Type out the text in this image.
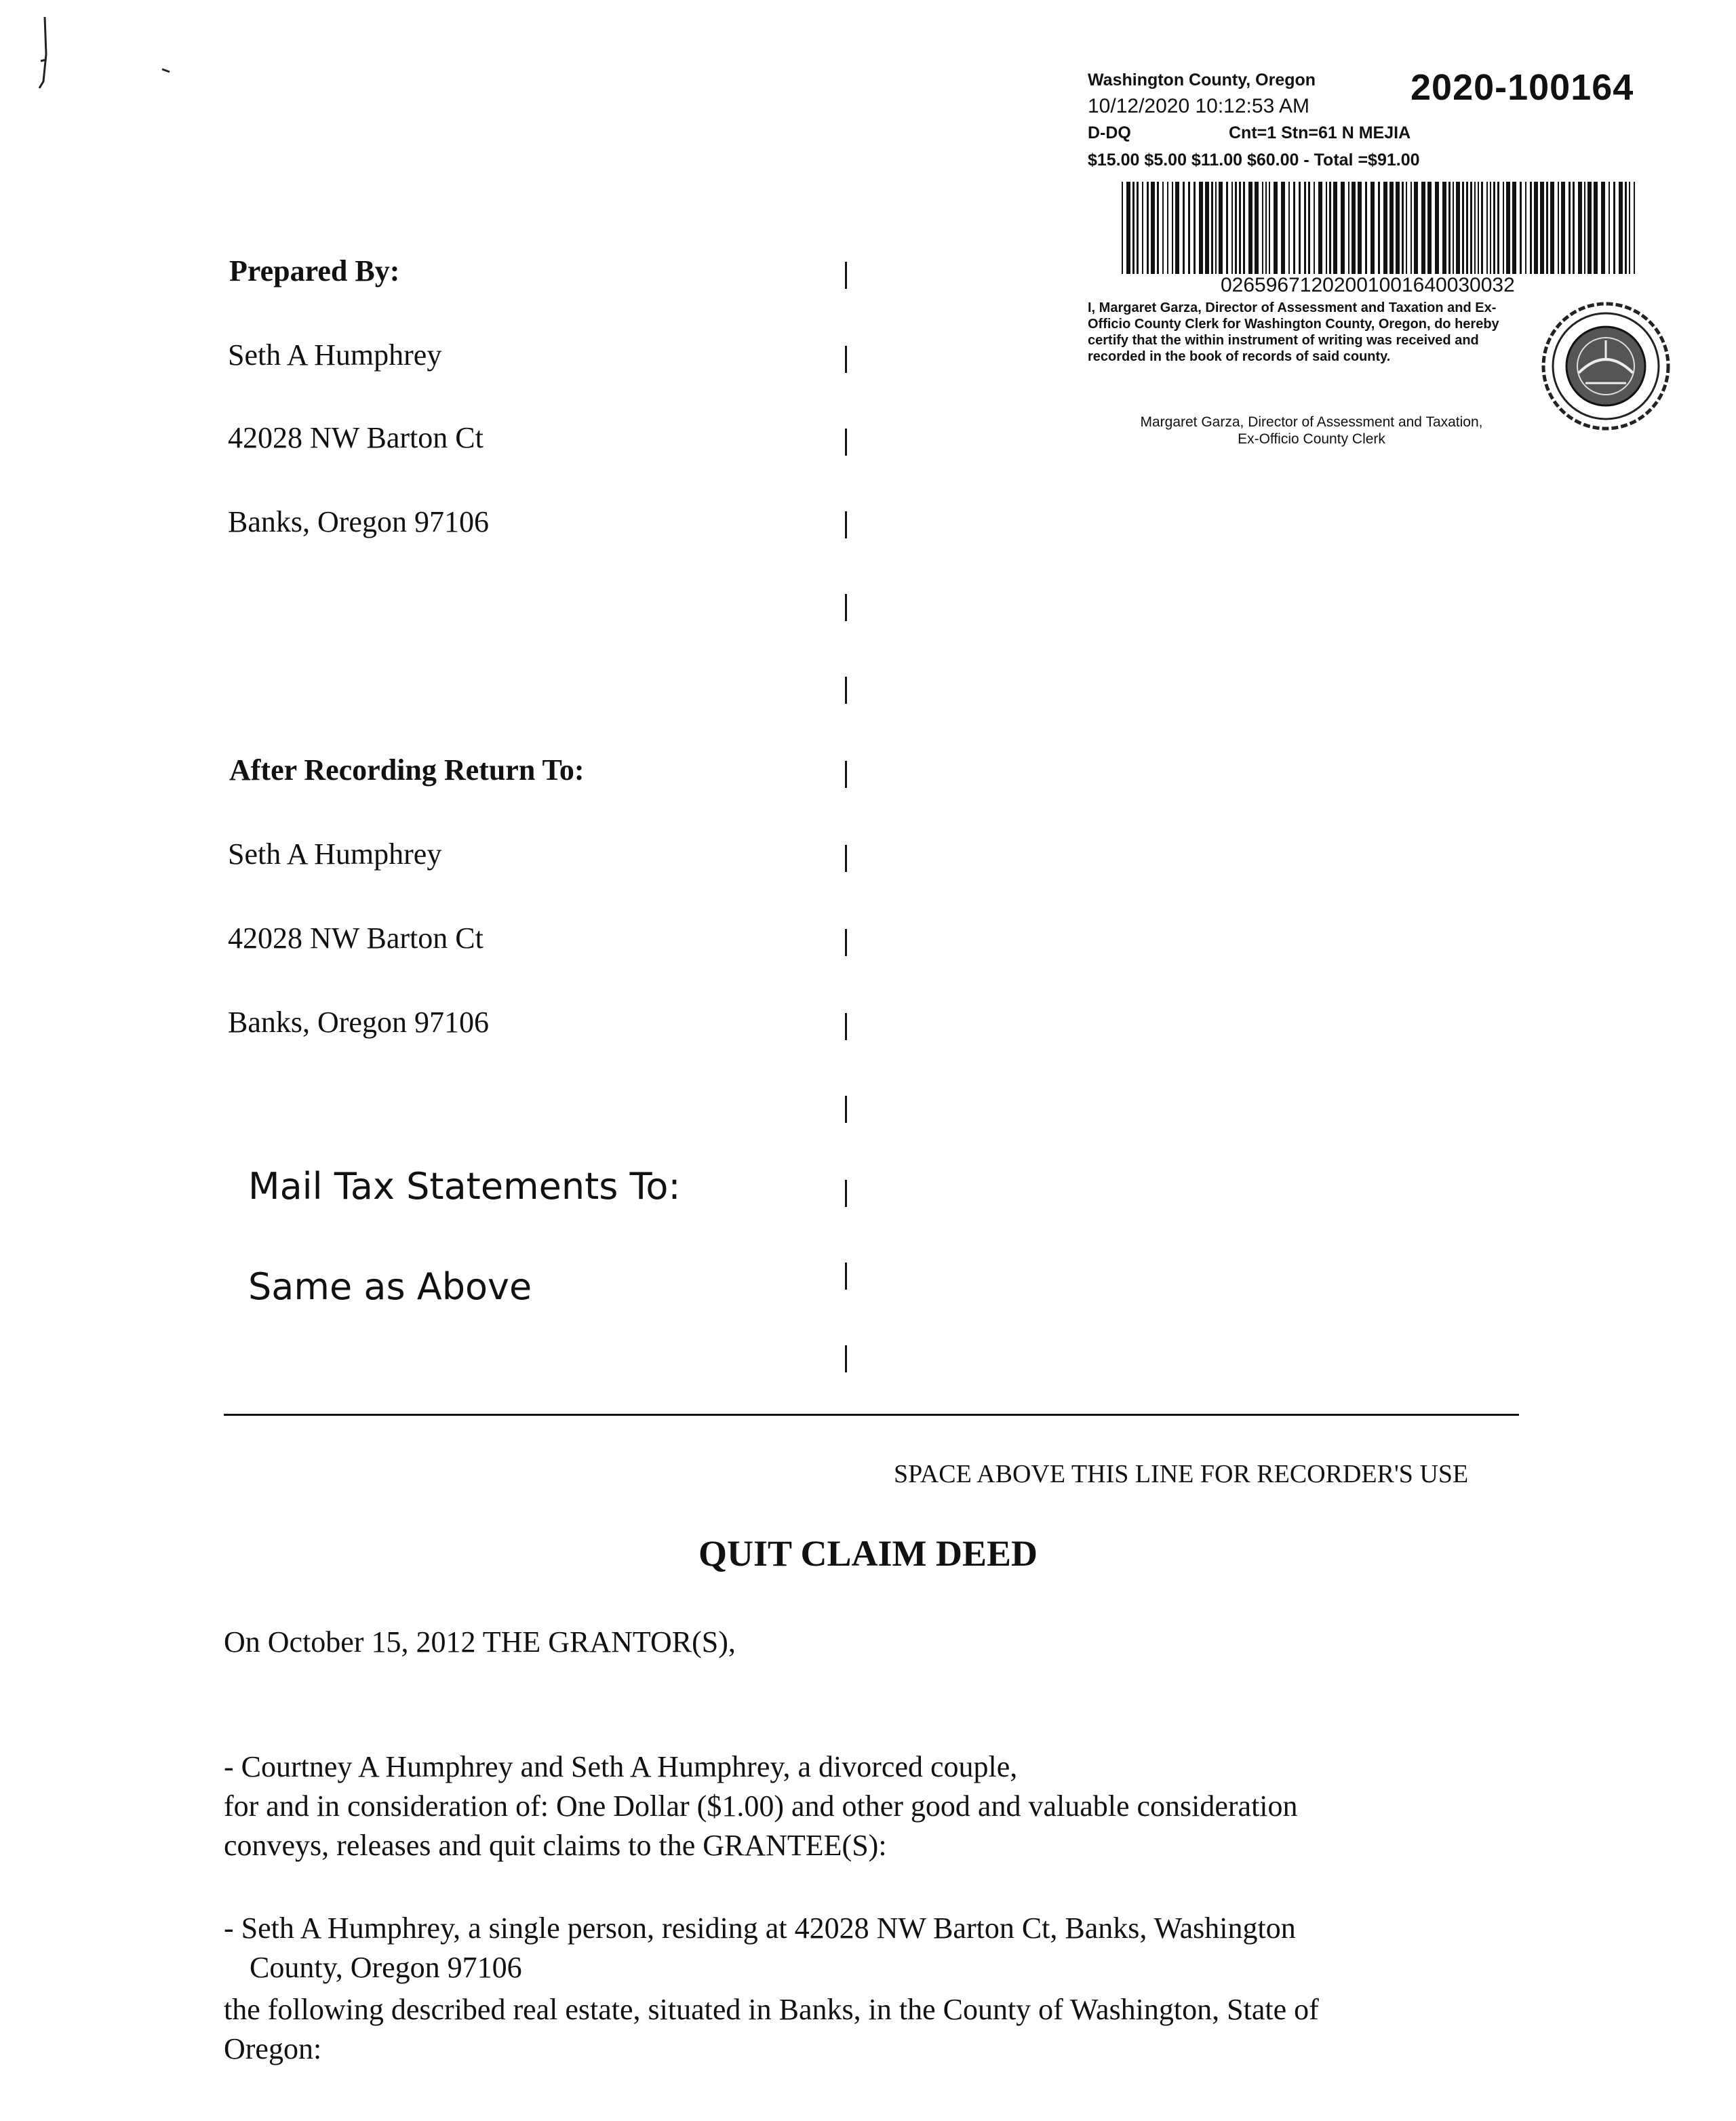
Washington County, Oregon	2020-100164
10/12/2020 10:12:53 AM
D-DQ	Cnt=1 Stn=61 N MEJIA
$15.00 $5.00 $11.00 $60.00 - Total =$91.00
02659671202001001640030032
I, Margaret Garza, Director of Assessment and Taxation and Ex-Officio County Clerk for Washington County, Oregon, do hereby certify that the within instrument of writing was received and recorded in the book of records of said county.
Margaret Garza, Director of Assessment and Taxation,
Ex-Officio County Clerk
Prepared By:
Seth A Humphrey
42028 NW Barton Ct
Banks, Oregon 97106
After Recording Return To:
Seth A Humphrey
42028 NW Barton Ct
Banks, Oregon 97106
Mail Tax Statements To:
Same as Above
SPACE ABOVE THIS LINE FOR RECORDER'S USE
QUIT CLAIM DEED
On October 15, 2012 THE GRANTOR(S),
- Courtney A Humphrey and Seth A Humphrey, a divorced couple,
for and in consideration of: One Dollar ($1.00) and other good and valuable consideration
conveys, releases and quit claims to the GRANTEE(S):
- Seth A Humphrey, a single person, residing at 42028 NW Barton Ct, Banks, Washington
County, Oregon 97106
the following described real estate, situated in Banks, in the County of Washington, State of
Oregon:
